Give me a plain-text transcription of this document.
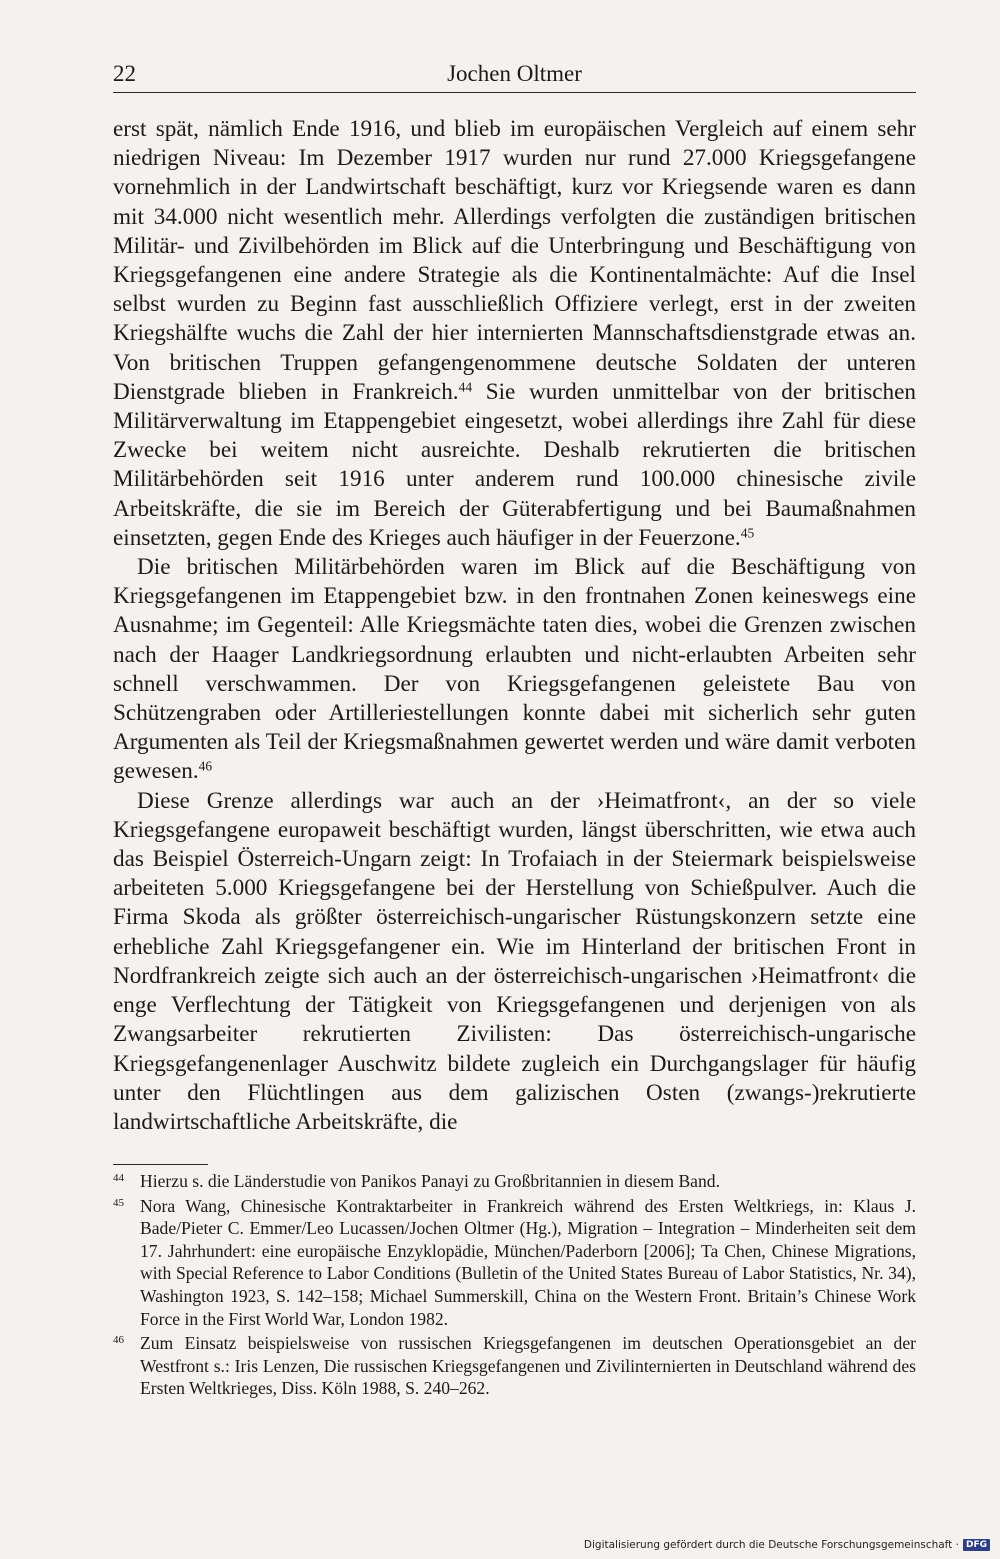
22	Jochen Oltmer

erst spät, nämlich Ende 1916, und blieb im europäischen Vergleich auf einem sehr niedrigen Niveau: Im Dezember 1917 wurden nur rund 27.000 Kriegsgefangene vornehmlich in der Landwirtschaft beschäftigt, kurz vor Kriegsende waren es dann mit 34.000 nicht wesentlich mehr. Allerdings verfolgten die zuständigen britischen Militär- und Zivilbehörden im Blick auf die Unterbringung und Beschäftigung von Kriegsgefangenen eine andere Strategie als die Kontinentalmächte: Auf die Insel selbst wurden zu Beginn fast ausschließlich Offiziere verlegt, erst in der zweiten Kriegshälfte wuchs die Zahl der hier internierten Mannschaftsdienstgrade etwas an. Von britischen Truppen gefangengenommene deutsche Soldaten der unteren Dienstgrade blieben in Frankreich.$^{44}$ Sie wurden unmittelbar von der britischen Militärverwaltung im Etappengebiet eingesetzt, wobei allerdings ihre Zahl für diese Zwecke bei weitem nicht ausreichte. Deshalb rekrutierten die britischen Militärbehörden seit 1916 unter anderem rund 100.000 chinesische zivile Arbeitskräfte, die sie im Bereich der Güterabfertigung und bei Baumaßnahmen einsetzten, gegen Ende des Krieges auch häufiger in der Feuerzone.$^{45}$

Die britischen Militärbehörden waren im Blick auf die Beschäftigung von Kriegsgefangenen im Etappengebiet bzw. in den frontnahen Zonen keineswegs eine Ausnahme; im Gegenteil: Alle Kriegsmächte taten dies, wobei die Grenzen zwischen nach der Haager Landkriegsordnung erlaubten und nicht-erlaubten Arbeiten sehr schnell verschwammen. Der von Kriegsgefangenen geleistete Bau von Schützengraben oder Artilleriestellungen konnte dabei mit sicherlich sehr guten Argumenten als Teil der Kriegsmaßnahmen gewertet werden und wäre damit verboten gewesen.$^{46}$

Diese Grenze allerdings war auch an der ›Heimatfront‹, an der so viele Kriegsgefangene europaweit beschäftigt wurden, längst überschritten, wie etwa auch das Beispiel Österreich-Ungarn zeigt: In Trofaiach in der Steiermark beispielsweise arbeiteten 5.000 Kriegsgefangene bei der Herstellung von Schießpulver. Auch die Firma Skoda als größter österreichisch-ungarischer Rüstungskonzern setzte eine erhebliche Zahl Kriegsgefangener ein. Wie im Hinterland der britischen Front in Nordfrankreich zeigte sich auch an der österreichisch-ungarischen ›Heimatfront‹ die enge Verflechtung der Tätigkeit von Kriegsgefangenen und derjenigen von als Zwangsarbeiter rekrutierten Zivilisten: Das österreichisch-ungarische Kriegsgefangenenlager Auschwitz bildete zugleich ein Durchgangslager für häufig unter den Flüchtlingen aus dem galizischen Osten (zwangs-)rekrutierte landwirtschaftliche Arbeitskräfte, die

44 Hierzu s. die Länderstudie von Panikos Panayi zu Großbritannien in diesem Band.
45 Nora Wang, Chinesische Kontraktarbeiter in Frankreich während des Ersten Weltkriegs, in: Klaus J. Bade/Pieter C. Emmer/Leo Lucassen/Jochen Oltmer (Hg.), Migration – Integration – Minderheiten seit dem 17. Jahrhundert: eine europäische Enzyklopädie, München/Paderborn [2006]; Ta Chen, Chinese Migrations, with Special Reference to Labor Conditions (Bulletin of the United States Bureau of Labor Statistics, Nr. 34), Washington 1923, S. 142–158; Michael Summerskill, China on the Western Front. Britain’s Chinese Work Force in the First World War, London 1982.
46 Zum Einsatz beispielsweise von russischen Kriegsgefangenen im deutschen Operationsgebiet an der Westfront s.: Iris Lenzen, Die russischen Kriegsgefangenen und Zivilinternierten in Deutschland während des Ersten Weltkrieges, Diss. Köln 1988, S. 240–262.
Digitalisierung gefördert durch die Deutsche Forschungsgemeinschaft · DFG
